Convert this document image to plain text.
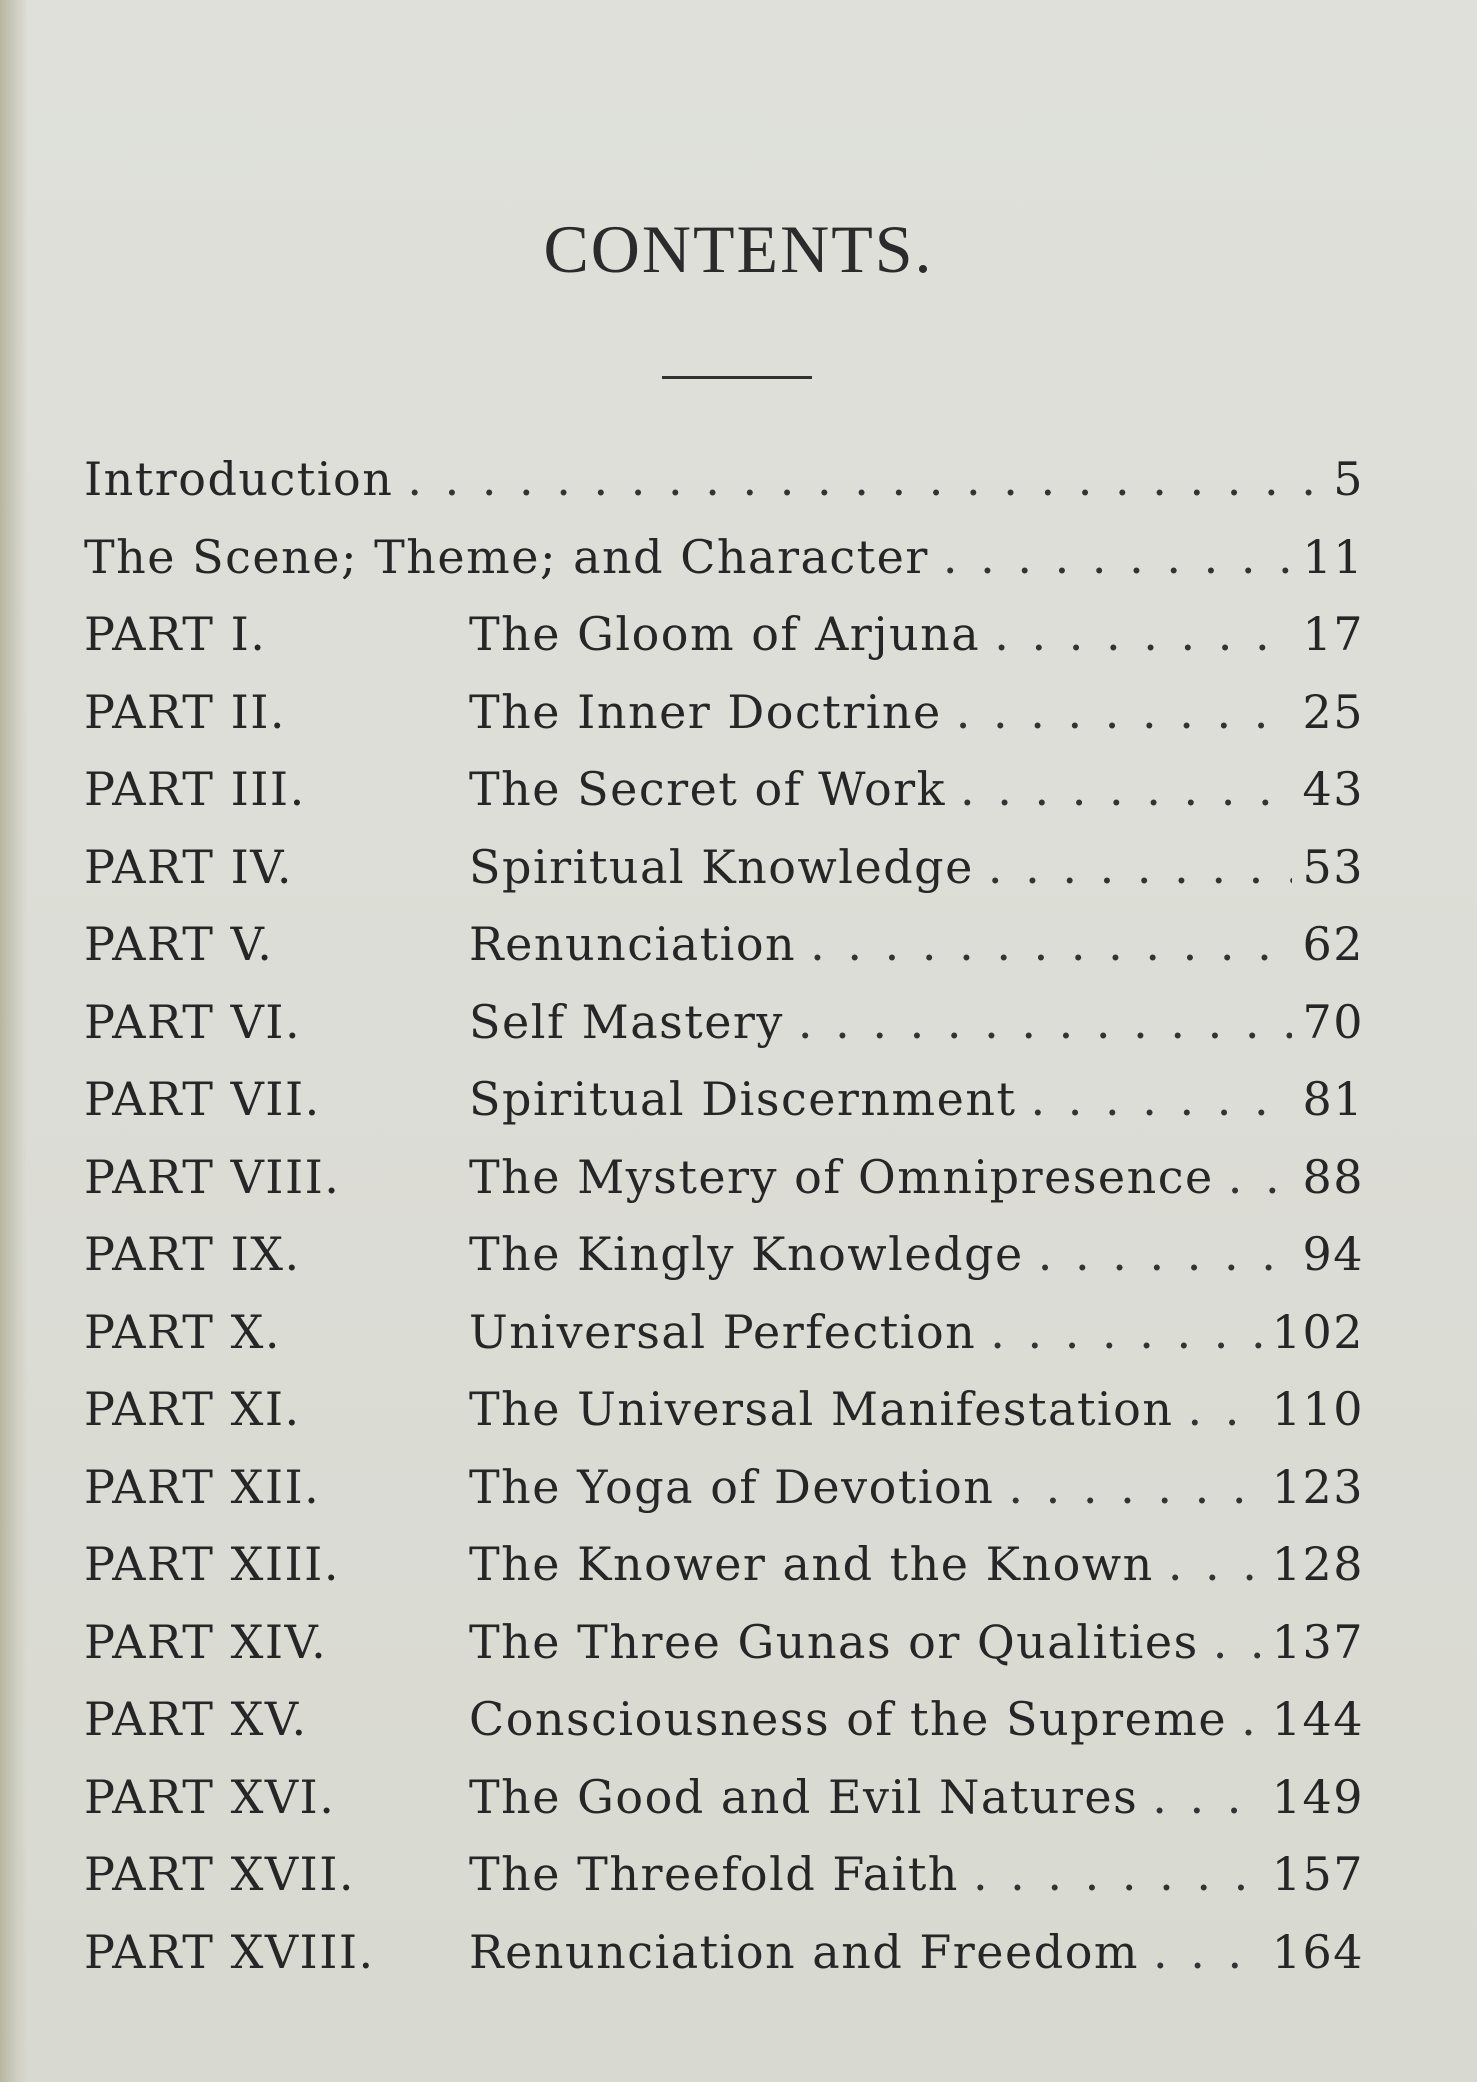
CONTENTS.
Introduction . . .	5
The Scene; Theme; and Character . . .	11
PART I.	The Gloom of Arjuna . . .	17
PART II.	The Inner Doctrine . . .	25
PART III.	The Secret of Work . . .	43
PART IV.	Spiritual Knowledge . . .	53
PART V.	Renunciation . . .	62
PART VI.	Self Mastery . . .	70
PART VII.	Spiritual Discernment . . .	81
PART VIII.	The Mystery of Omnipresence . . . 88
PART IX.	The Kingly Knowledge . . .	94
PART X.	Universal Perfection . . .	102
PART XI.	The Universal Manifestation . . . 110
PART XII.	The Yoga of Devotion . . .	123
PART XIII.	The Knower and the Known . . .	128
PART XIV.	The Three Gunas or Qualities . . . 137
PART XV.	Consciousness of the Supreme . . . 144
PART XVI.	The Good and Evil Natures . . .	149
PART XVII.	The Threefold Faith . . .	157
PART XVIII.	Renunciation and Freedom . . .	164
